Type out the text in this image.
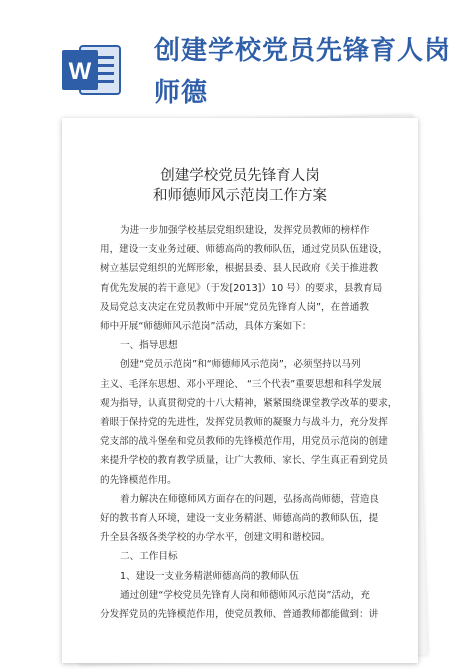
W
创建学校党员先锋育人岗师德
创建学校党员先锋育人岗
和师德师风示范岗工作方案
为进一步加强学校基层党组织建设，发挥党员教师的榜样作
用，建设一支业务过硬、师德高尚的教师队伍，通过党员队伍建设，
树立基层党组织的光辉形象，根据县委、县人民政府《关于推进教
育优先发展的若干意见》（于发[2013]）10 号）的要求，县教育局
及局党总支决定在党员教师中开展“党员先锋育人岗”，在普通教
师中开展“师德师风示范岗”活动，具体方案如下：
一、指导思想
创建“党员示范岗”和“师德师风示范岗”，必须坚持以马列
主义、毛泽东思想、邓小平理论、 “三个代表”重要思想和科学发展
观为指导，认真贯彻党的十八大精神，紧紧围绕课堂教学改革的要求，
着眼于保持党的先进性，发挥党员教师的凝聚力与战斗力，充分发挥
党支部的战斗堡垒和党员教师的先锋模范作用，用党员示范岗的创建
来提升学校的教育教学质量，让广大教师、家长、学生真正看到党员
的先锋模范作用。
着力解决在师德师风方面存在的问题，弘扬高尚师德，营造良
好的教书育人环境，建设一支业务精湛、师德高尚的教师队伍，提
升全县各级各类学校的办学水平，创建文明和谐校园。
二、工作目标
1、建设一支业务精湛师德高尚的教师队伍
通过创建“学校党员先锋育人岗和师德师风示范岗”活动，充
分发挥党员的先锋模范作用，使党员教师、普通教师都能做到：讲
